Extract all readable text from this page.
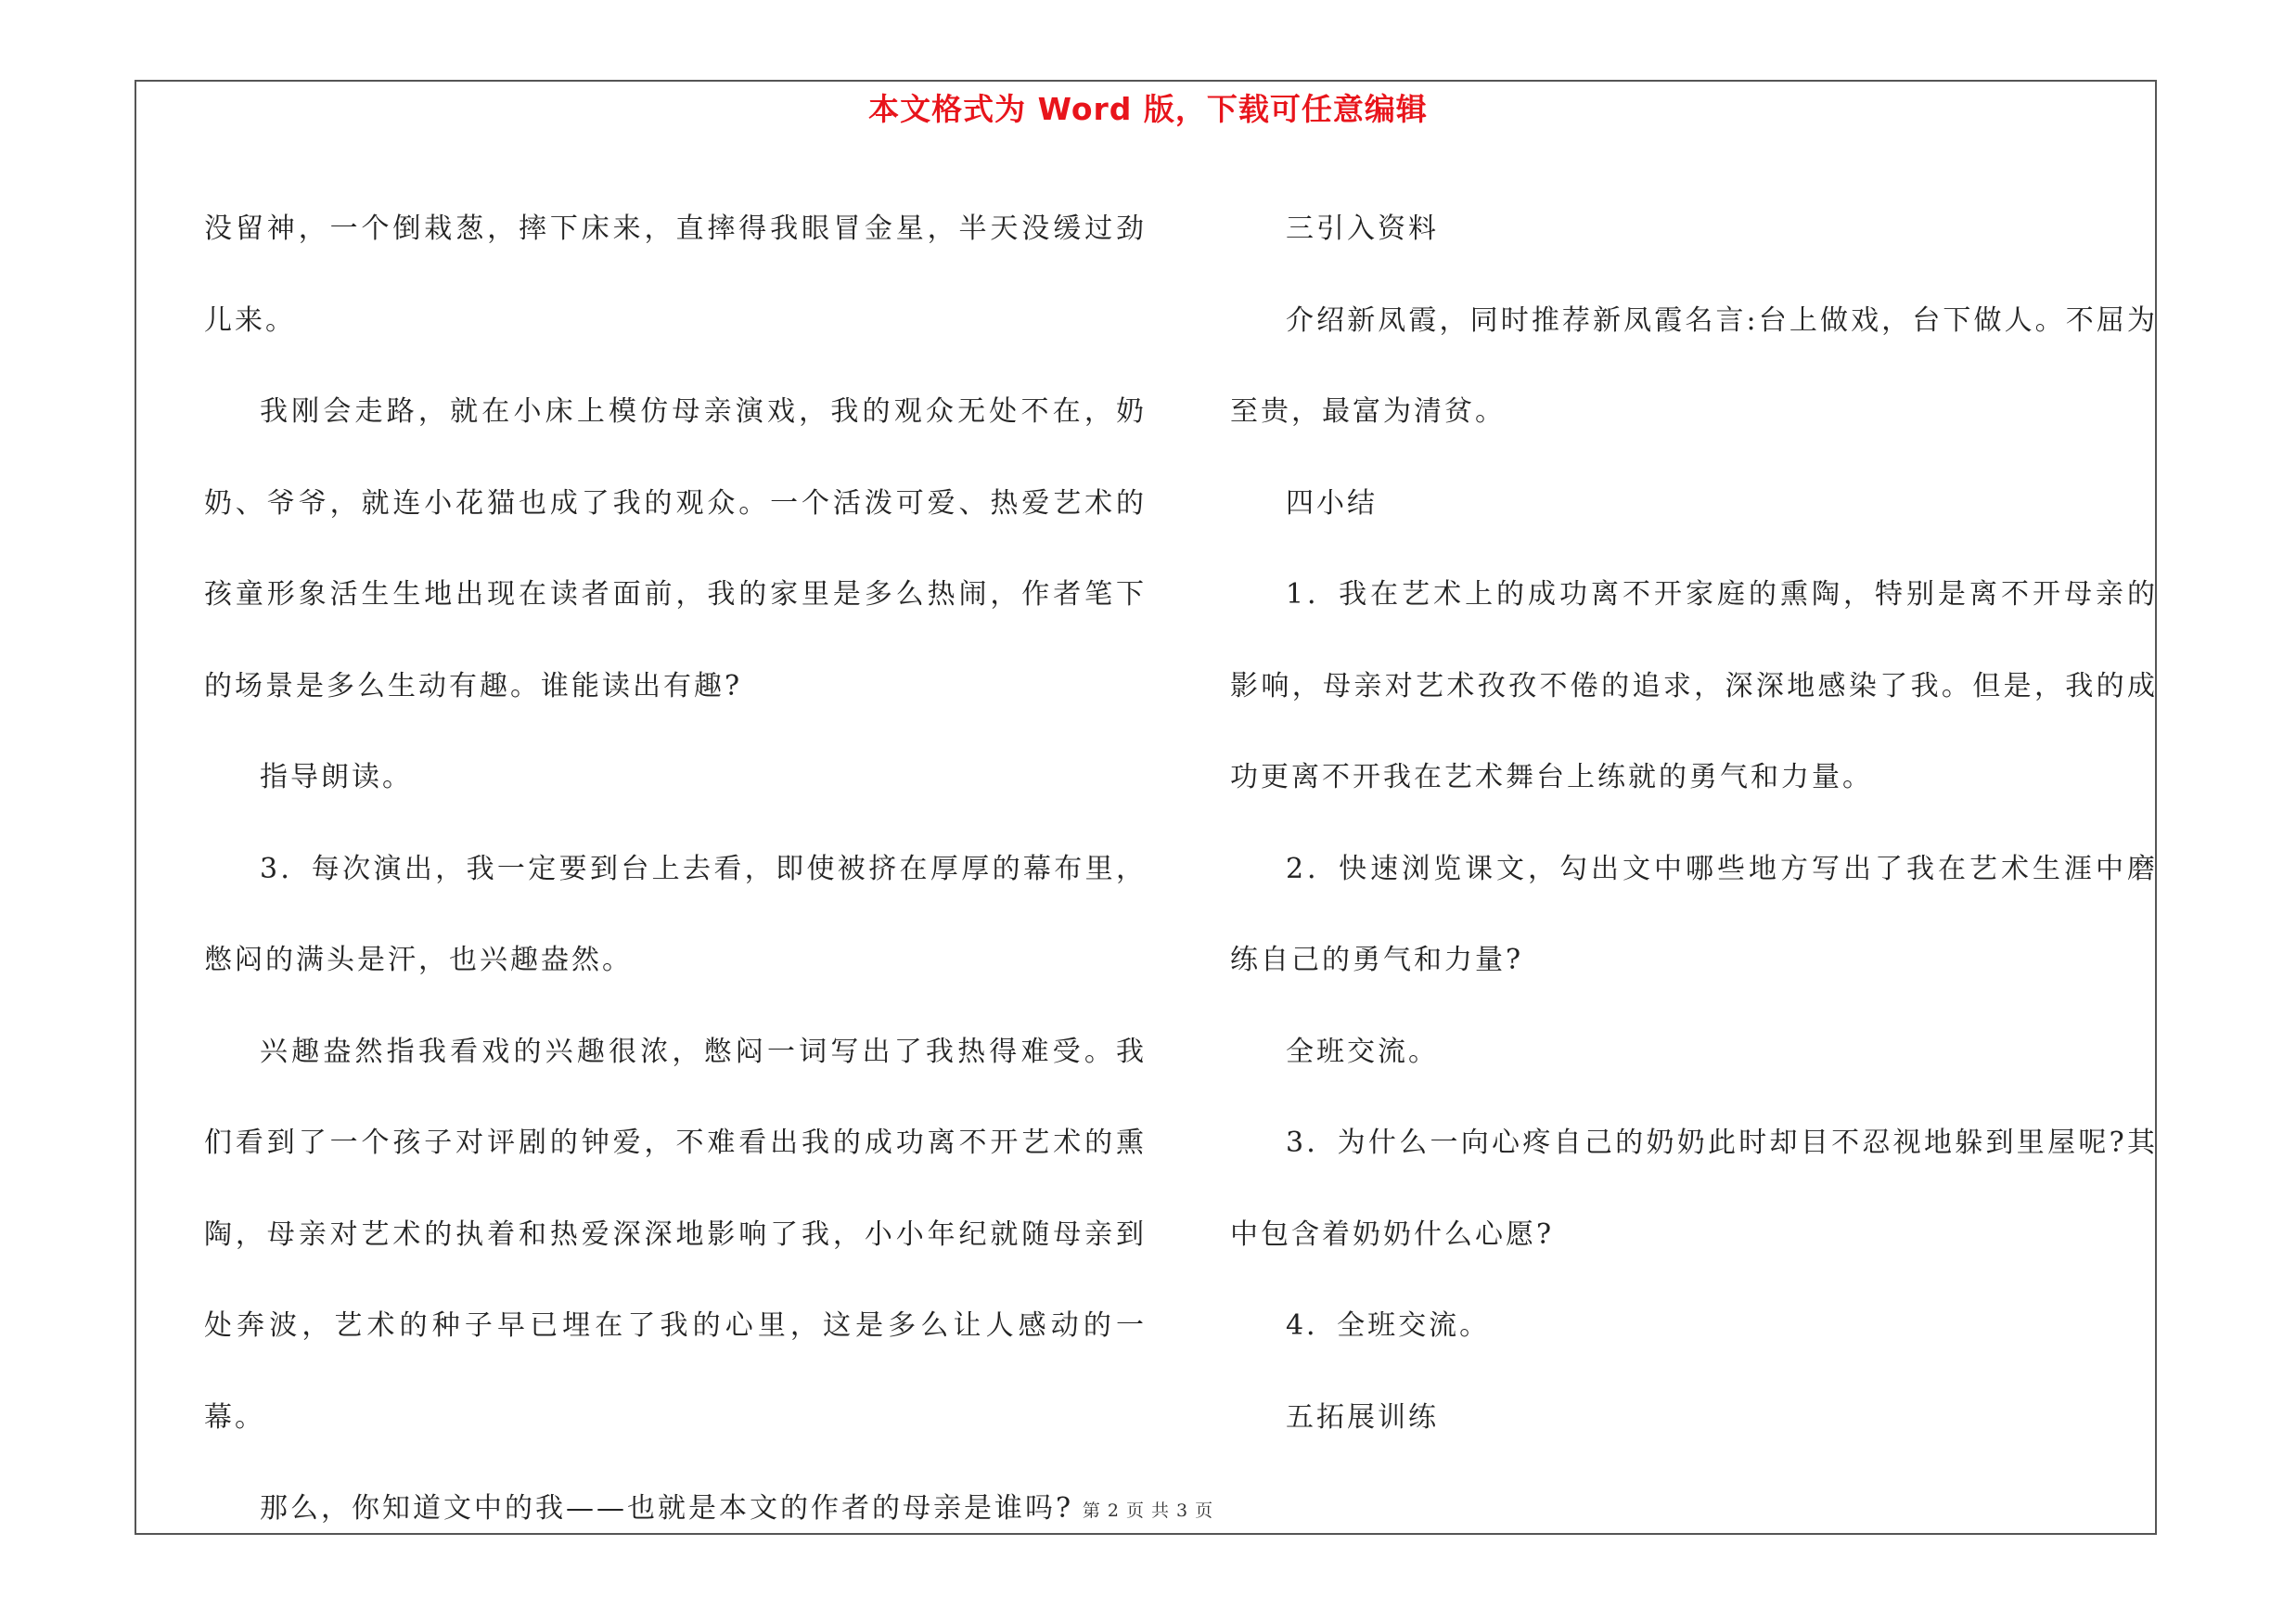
本文格式为 Word 版，下载可任意编辑

没留神，一个倒栽葱，摔下床来，直摔得我眼冒金星，半天没缓过劲儿来。

我刚会走路，就在小床上模仿母亲演戏，我的观众无处不在，奶奶、爷爷，就连小花猫也成了我的观众。一个活泼可爱、热爱艺术的孩童形象活生生地出现在读者面前，我的家里是多么热闹，作者笔下的场景是多么生动有趣。谁能读出有趣?

指导朗读。

3．每次演出，我一定要到台上去看，即使被挤在厚厚的幕布里，憋闷的满头是汗，也兴趣盎然。

兴趣盎然指我看戏的兴趣很浓，憋闷一词写出了我热得难受。我们看到了一个孩子对评剧的钟爱，不难看出我的成功离不开艺术的熏陶，母亲对艺术的执着和热爱深深地影响了我，小小年纪就随母亲到处奔波，艺术的种子早已埋在了我的心里，这是多么让人感动的一幕。

那么，你知道文中的我——也就是本文的作者的母亲是谁吗?

三引入资料

介绍新凤霞，同时推荐新凤霞名言:台上做戏，台下做人。不屈为至贵，最富为清贫。

四小结

1．我在艺术上的成功离不开家庭的熏陶，特别是离不开母亲的影响，母亲对艺术孜孜不倦的追求，深深地感染了我。但是，我的成功更离不开我在艺术舞台上练就的勇气和力量。

2．快速浏览课文，勾出文中哪些地方写出了我在艺术生涯中磨练自己的勇气和力量?

全班交流。

3．为什么一向心疼自己的奶奶此时却目不忍视地躲到里屋呢?其中包含着奶奶什么心愿?

4．全班交流。

五拓展训练

第 2 页 共 3 页
